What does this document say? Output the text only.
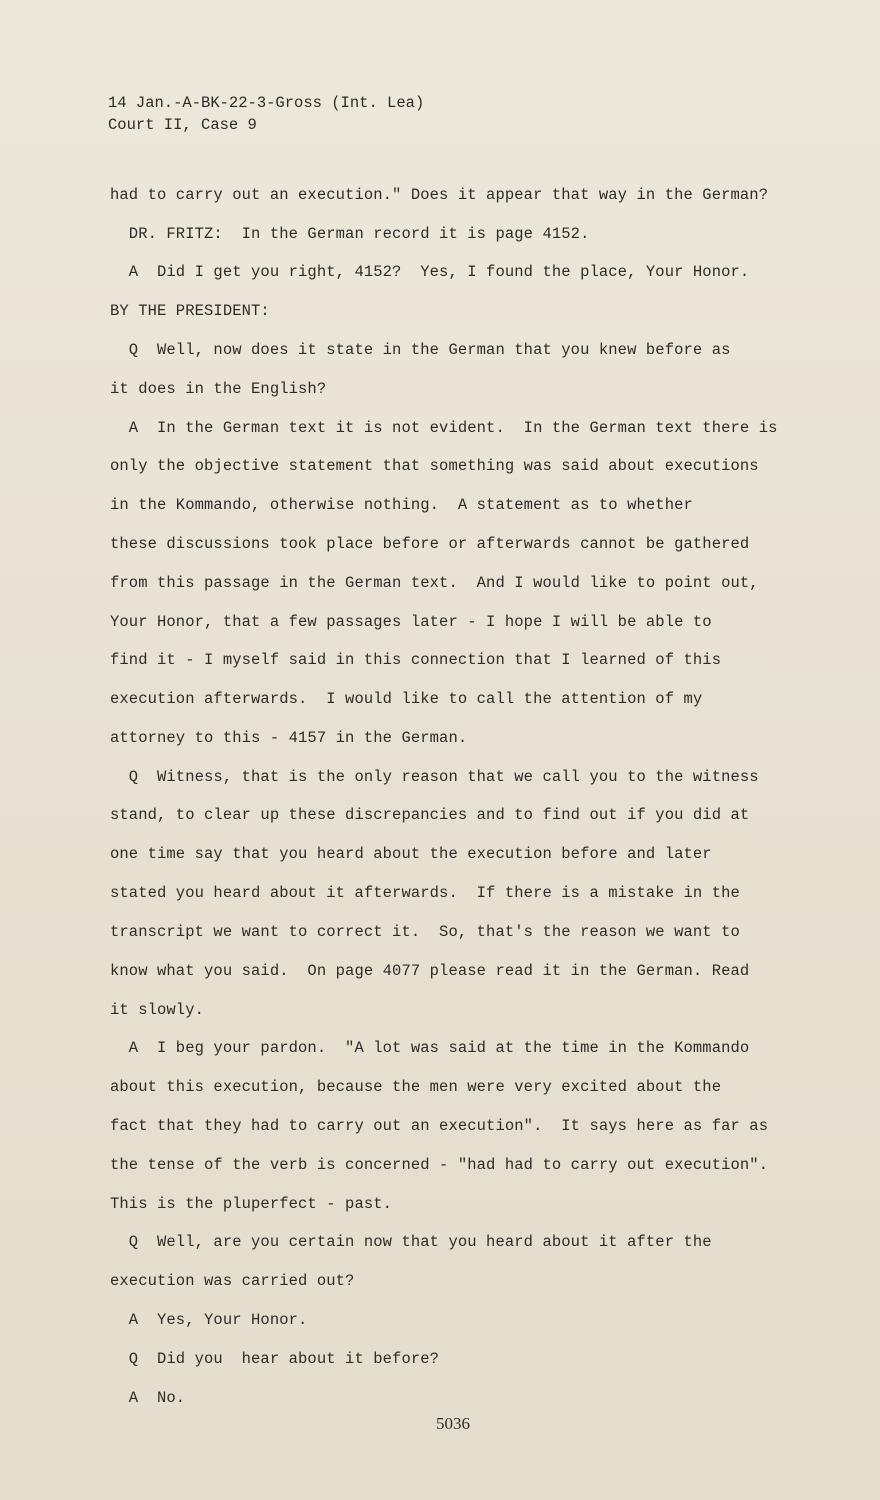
14 Jan.-A-BK-22-3-Gross (Int. Lea)
Court II, Case 9
had to carry out an execution." Does it appear that way in the German?
DR. FRITZ:  In the German record it is page 4152.
A  Did I get you right, 4152?  Yes, I found the place, Your Honor.
BY THE PRESIDENT:
Q  Well, now does it state in the German that you knew before as
it does in the English?
A  In the German text it is not evident.  In the German text there is
only the objective statement that something was said about executions
in the Kommando, otherwise nothing.  A statement as to whether
these discussions took place before or afterwards cannot be gathered
from this passage in the German text.  And I would like to point out,
Your Honor, that a few passages later - I hope I will be able to
find it - I myself said in this connection that I learned of this
execution afterwards.  I would like to call the attention of my
attorney to this - 4157 in the German.
Q  Witness, that is the only reason that we call you to the witness
stand, to clear up these discrepancies and to find out if you did at
one time say that you heard about the execution before and later
stated you heard about it afterwards.  If there is a mistake in the
transcript we want to correct it.  So, that's the reason we want to
know what you said.  On page 4077 please read it in the German. Read
it slowly.
A  I beg your pardon.  "A lot was said at the time in the Kommando
about this execution, because the men were very excited about the
fact that they had to carry out an execution".  It says here as far as
the tense of the verb is concerned - "had had to carry out execution".
This is the pluperfect - past.
Q  Well, are you certain now that you heard about it after the
execution was carried out?
A  Yes, Your Honor.
Q  Did you  hear about it before?
A  No.
5036
